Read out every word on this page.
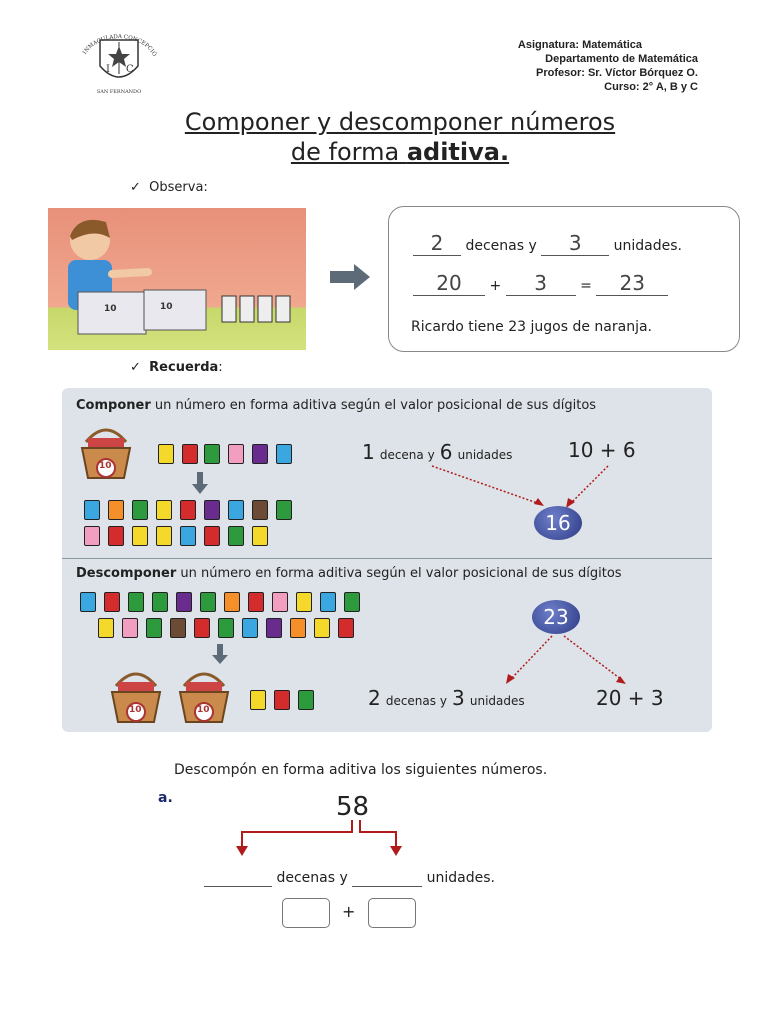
I C
INMACULADA CONCEPCIÓ
SAN FERNANDO
Asignatura: Matemática
Departamento de Matemática
Profesor: Sr. Víctor Bórquez O.
Curso: 2° A, B y C
Componer y descomponer números
de forma aditiva.
✓  Observa:
10	10
2 decenas y 3 unidades.
20 + 3 = 23
Ricardo tiene 23 jugos de naranja.
✓  Recuerda:
Componer un número en forma aditiva según el valor posicional de sus dígitos
10
1 decena y 6 unidades	10 + 6
16
Descomponer un número en forma aditiva según el valor posicional de sus dígitos
10	10
23
2 decenas y 3 unidades	20 + 3
Descompón en forma aditiva los siguientes números.
a.	58
decenas y	unidades.
+
